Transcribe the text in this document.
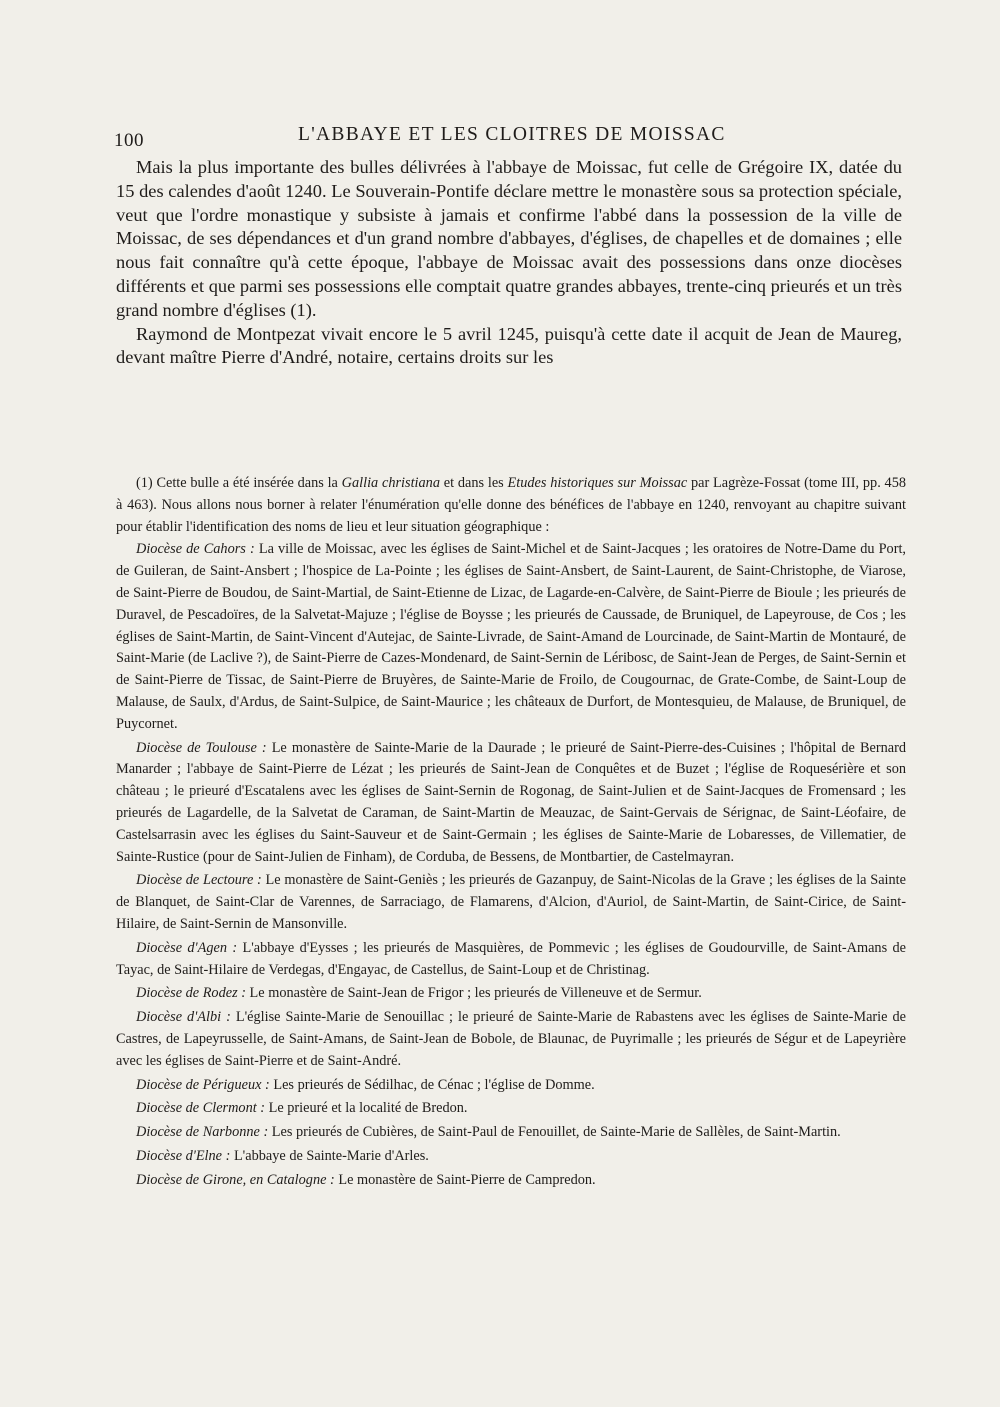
100	L'ABBAYE ET LES CLOITRES DE MOISSAC

Mais la plus importante des bulles délivrées à l'abbaye de Moissac, fut celle de Grégoire IX, datée du 15 des calendes d'août 1240. Le Souverain-Pontife déclare mettre le monastère sous sa protection spéciale, veut que l'ordre monastique y subsiste à jamais et confirme l'abbé dans la possession de la ville de Moissac, de ses dépendances et d'un grand nombre d'abbayes, d'églises, de chapelles et de domaines ; elle nous fait connaître qu'à cette époque, l'abbaye de Moissac avait des possessions dans onze diocèses différents et que parmi ses possessions elle comptait quatre grandes abbayes, trente-cinq prieurés et un très grand nombre d'églises (1).

Raymond de Montpezat vivait encore le 5 avril 1245, puisqu'à cette date il acquit de Jean de Maureg, devant maître Pierre d'André, notaire, certains droits sur les

(1) Cette bulle a été insérée dans la Gallia christiana et dans les Etudes historiques sur Moissac par Lagrèze-Fossat (tome III, pp. 458 à 463). Nous allons nous borner à relater l'énumération qu'elle donne des bénéfices de l'abbaye en 1240, renvoyant au chapitre suivant pour établir l'identification des noms de lieu et leur situation géographique :

Diocèse de Cahors : La ville de Moissac, avec les églises de Saint-Michel et de Saint-Jacques ; les oratoires de Notre-Dame du Port, de Guileran, de Saint-Ansbert ; l'hospice de La-Pointe ; les églises de Saint-Ansbert, de Saint-Laurent, de Saint-Christophe, de Viarose, de Saint-Pierre de Boudou, de Saint-Martial, de Saint-Etienne de Lizac, de Lagarde-en-Calvère, de Saint-Pierre de Bioule ; les prieurés de Duravel, de Pescadoïres, de la Salvetat-Majuze ; l'église de Boysse ; les prieurés de Caussade, de Bruniquel, de Lapeyrouse, de Cos ; les églises de Saint-Martin, de Saint-Vincent d'Autejac, de Sainte-Livrade, de Saint-Amand de Lourcinade, de Saint-Martin de Montauré, de Saint-Marie (de Laclive ?), de Saint-Pierre de Cazes-Mondenard, de Saint-Sernin de Léribosc, de Saint-Jean de Perges, de Saint-Sernin et de Saint-Pierre de Tissac, de Saint-Pierre de Bruyères, de Sainte-Marie de Froilo, de Cougournac, de Grate-Combe, de Saint-Loup de Malause, de Saulx, d'Ardus, de Saint-Sulpice, de Saint-Maurice ; les châteaux de Durfort, de Montesquieu, de Malause, de Bruniquel, de Puycornet.

Diocèse de Toulouse : Le monastère de Sainte-Marie de la Daurade ; le prieuré de Saint-Pierre-des-Cuisines ; l'hôpital de Bernard Manarder ; l'abbaye de Saint-Pierre de Lézat ; les prieurés de Saint-Jean de Conquêtes et de Buzet ; l'église de Roquesérière et son château ; le prieuré d'Escatalens avec les églises de Saint-Sernin de Rogonag, de Saint-Julien et de Saint-Jacques de Fromensard ; les prieurés de Lagardelle, de la Salvetat de Caraman, de Saint-Martin de Meauzac, de Saint-Gervais de Sérignac, de Saint-Léofaire, de Castelsarrasin avec les églises du Saint-Sauveur et de Saint-Germain ; les églises de Sainte-Marie de Lobaresses, de Villematier, de Sainte-Rustice (pour de Saint-Julien de Finham), de Corduba, de Bessens, de Montbartier, de Castelmayran.

Diocèse de Lectoure : Le monastère de Saint-Geniès ; les prieurés de Gazanpuy, de Saint-Nicolas de la Grave ; les églises de la Sainte de Blanquet, de Saint-Clar de Varennes, de Sarraciago, de Flamarens, d'Alcion, d'Auriol, de Saint-Martin, de Saint-Cirice, de Saint-Hilaire, de Saint-Sernin de Mansonville.

Diocèse d'Agen : L'abbaye d'Eysses ; les prieurés de Masquières, de Pommevic ; les églises de Goudourville, de Saint-Amans de Tayac, de Saint-Hilaire de Verdegas, d'Engayac, de Castellus, de Saint-Loup et de Christinag.

Diocèse de Rodez : Le monastère de Saint-Jean de Frigor ; les prieurés de Villeneuve et de Sermur.

Diocèse d'Albi : L'église Sainte-Marie de Senouillac ; le prieuré de Sainte-Marie de Rabastens avec les églises de Sainte-Marie de Castres, de Lapeyrusselle, de Saint-Amans, de Saint-Jean de Bobole, de Blaunac, de Puyrimalle ; les prieurés de Ségur et de Lapeyrière avec les églises de Saint-Pierre et de Saint-André.

Diocèse de Périgueux : Les prieurés de Sédilhac, de Cénac ; l'église de Domme.

Diocèse de Clermont : Le prieuré et la localité de Bredon.

Diocèse de Narbonne : Les prieurés de Cubières, de Saint-Paul de Fenouillet, de Sainte-Marie de Sallèles, de Saint-Martin.

Diocèse d'Elne : L'abbaye de Sainte-Marie d'Arles.

Diocèse de Girone, en Catalogne : Le monastère de Saint-Pierre de Campredon.
